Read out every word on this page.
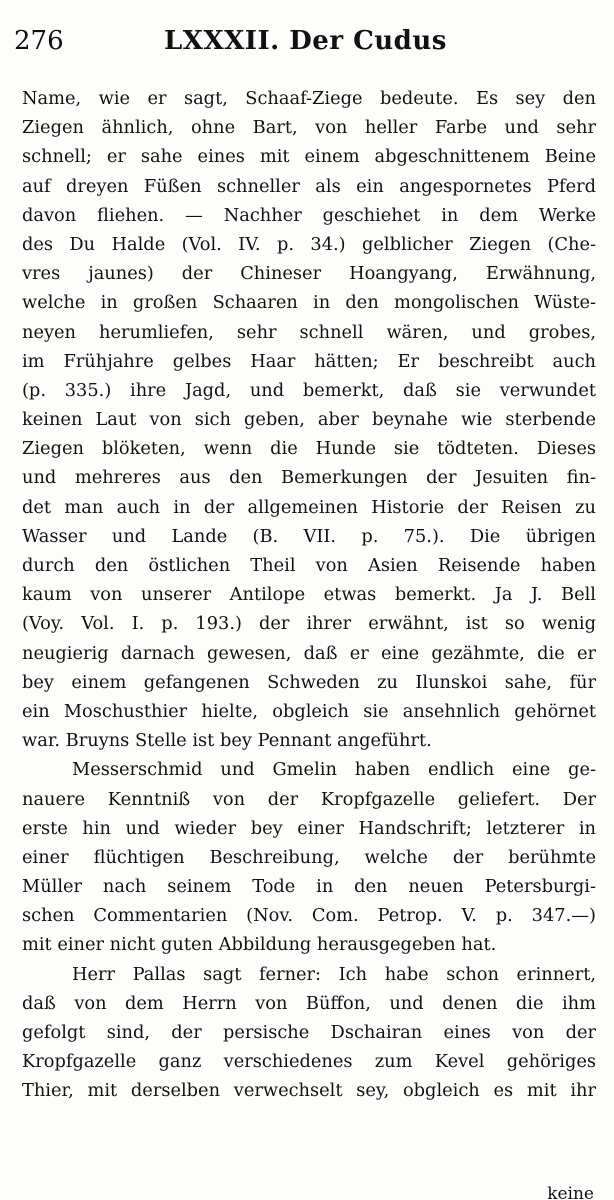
276	LXXXII. Der Cudus
Name, wie er sagt, Schaaf-Ziege bedeute. Es sey den
Ziegen ähnlich, ohne Bart, von heller Farbe und sehr
schnell; er sahe eines mit einem abgeschnittenem Beine
auf dreyen Füßen schneller als ein angespornetes Pferd
davon fliehen. — Nachher geschiehet in dem Werke
des Du Halde (Vol. IV. p. 34.) gelblicher Ziegen (Che-
vres jaunes) der Chineser Hoangyang, Erwähnung,
welche in großen Schaaren in den mongolischen Wüste-
neyen herumliefen, sehr schnell wären, und grobes,
im Frühjahre gelbes Haar hätten; Er beschreibt auch
(p. 335.) ihre Jagd, und bemerkt, daß sie verwundet
keinen Laut von sich geben, aber beynahe wie sterbende
Ziegen blöketen, wenn die Hunde sie tödteten. Dieses
und mehreres aus den Bemerkungen der Jesuiten fin-
det man auch in der allgemeinen Historie der Reisen zu
Wasser und Lande (B. VII. p. 75.). Die übrigen
durch den östlichen Theil von Asien Reisende haben
kaum von unserer Antilope etwas bemerkt. Ja J. Bell
(Voy. Vol. I. p. 193.) der ihrer erwähnt, ist so wenig
neugierig darnach gewesen, daß er eine gezähmte, die er
bey einem gefangenen Schweden zu Ilunskoi sahe, für
ein Moschusthier hielte, obgleich sie ansehnlich gehörnet
war. Bruyns Stelle ist bey Pennant angeführt.
Messerschmid und Gmelin haben endlich eine ge-
nauere Kenntniß von der Kropfgazelle geliefert. Der
erste hin und wieder bey einer Handschrift; letzterer in
einer flüchtigen Beschreibung, welche der berühmte
Müller nach seinem Tode in den neuen Petersburgi-
schen Commentarien (Nov. Com. Petrop. V. p. 347.—)
mit einer nicht guten Abbildung herausgegeben hat.
Herr Pallas sagt ferner: Ich habe schon erinnert,
daß von dem Herrn von Büffon, und denen die ihm
gefolgt sind, der persische Dschairan eines von der
Kropfgazelle ganz verschiedenes zum Kevel gehöriges
Thier, mit derselben verwechselt sey, obgleich es mit ihr
keine
